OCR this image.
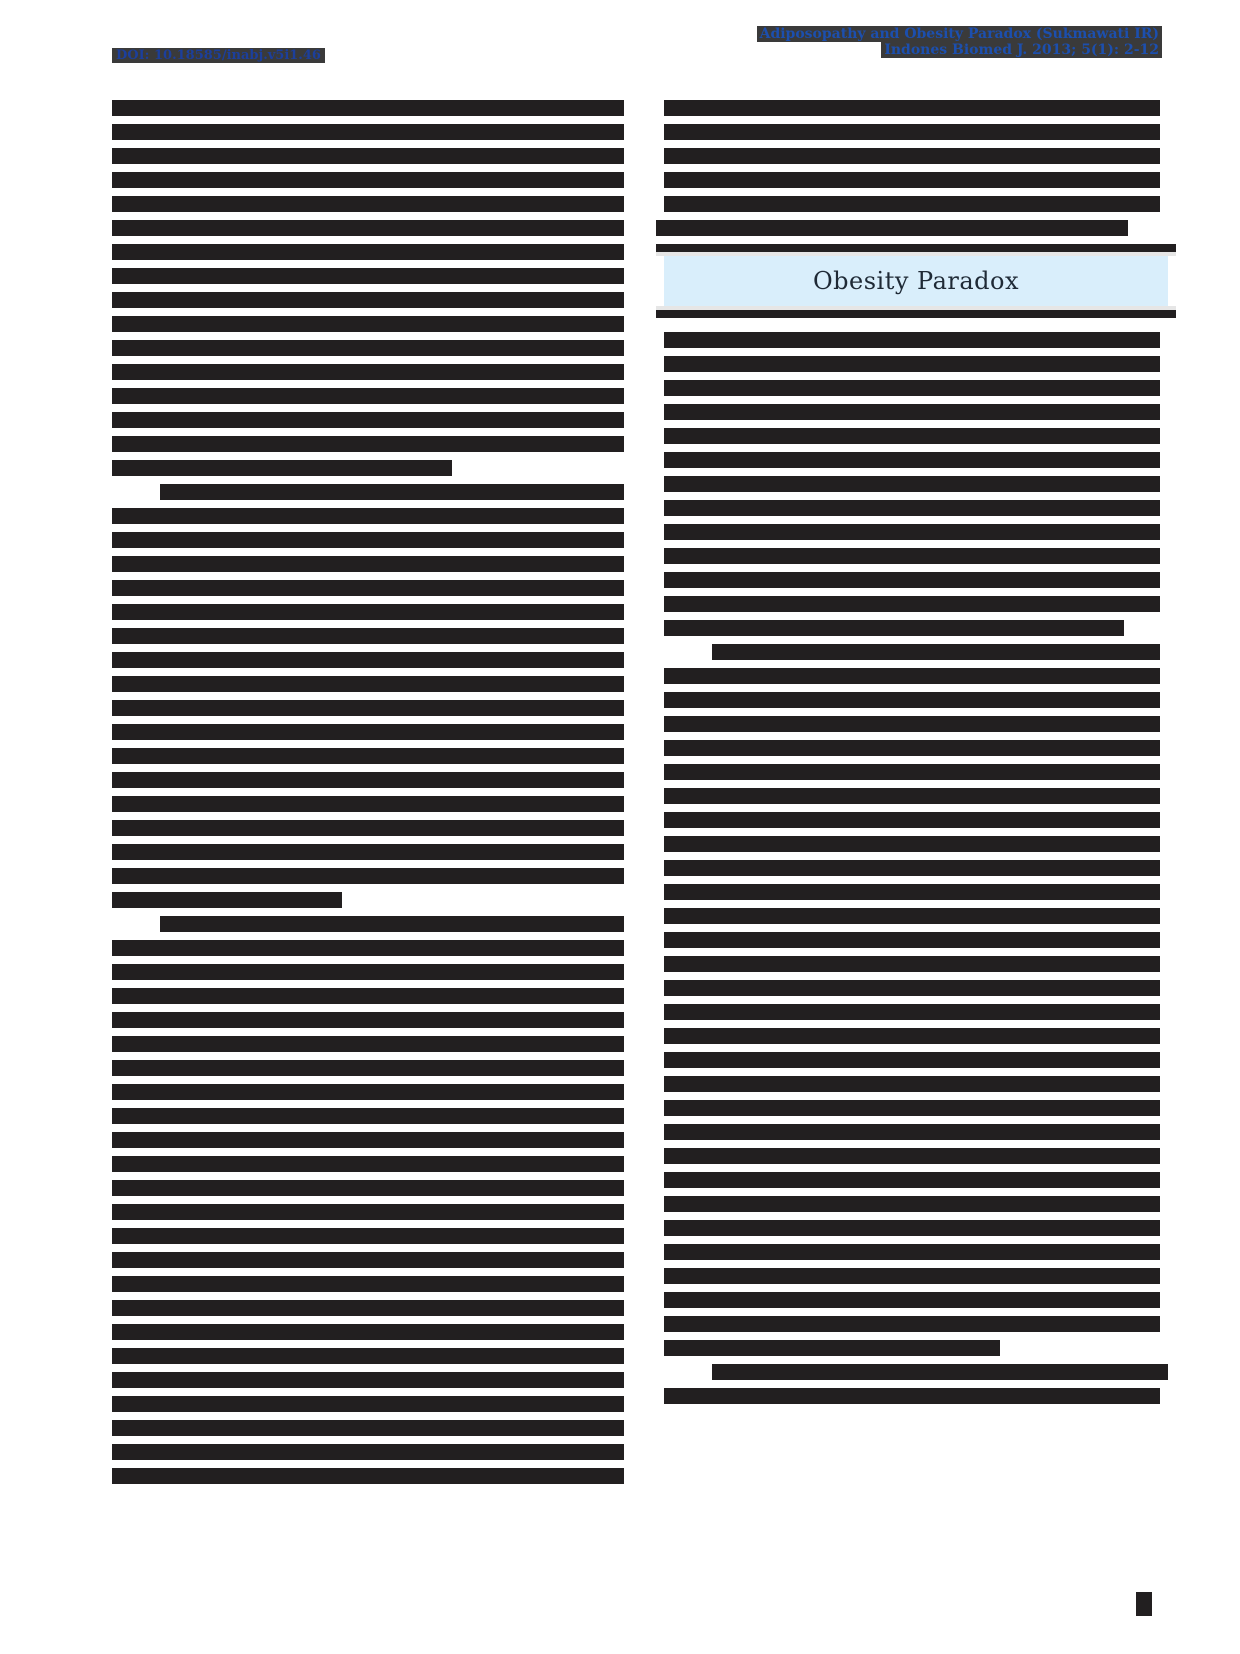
DOI: 10.18585/inabj.v5i1.46
Adiposopathy and Obesity Paradox (Sukmawati IR)
Indones Biomed J. 2013; 5(1): 2-12
Obesity Paradox
